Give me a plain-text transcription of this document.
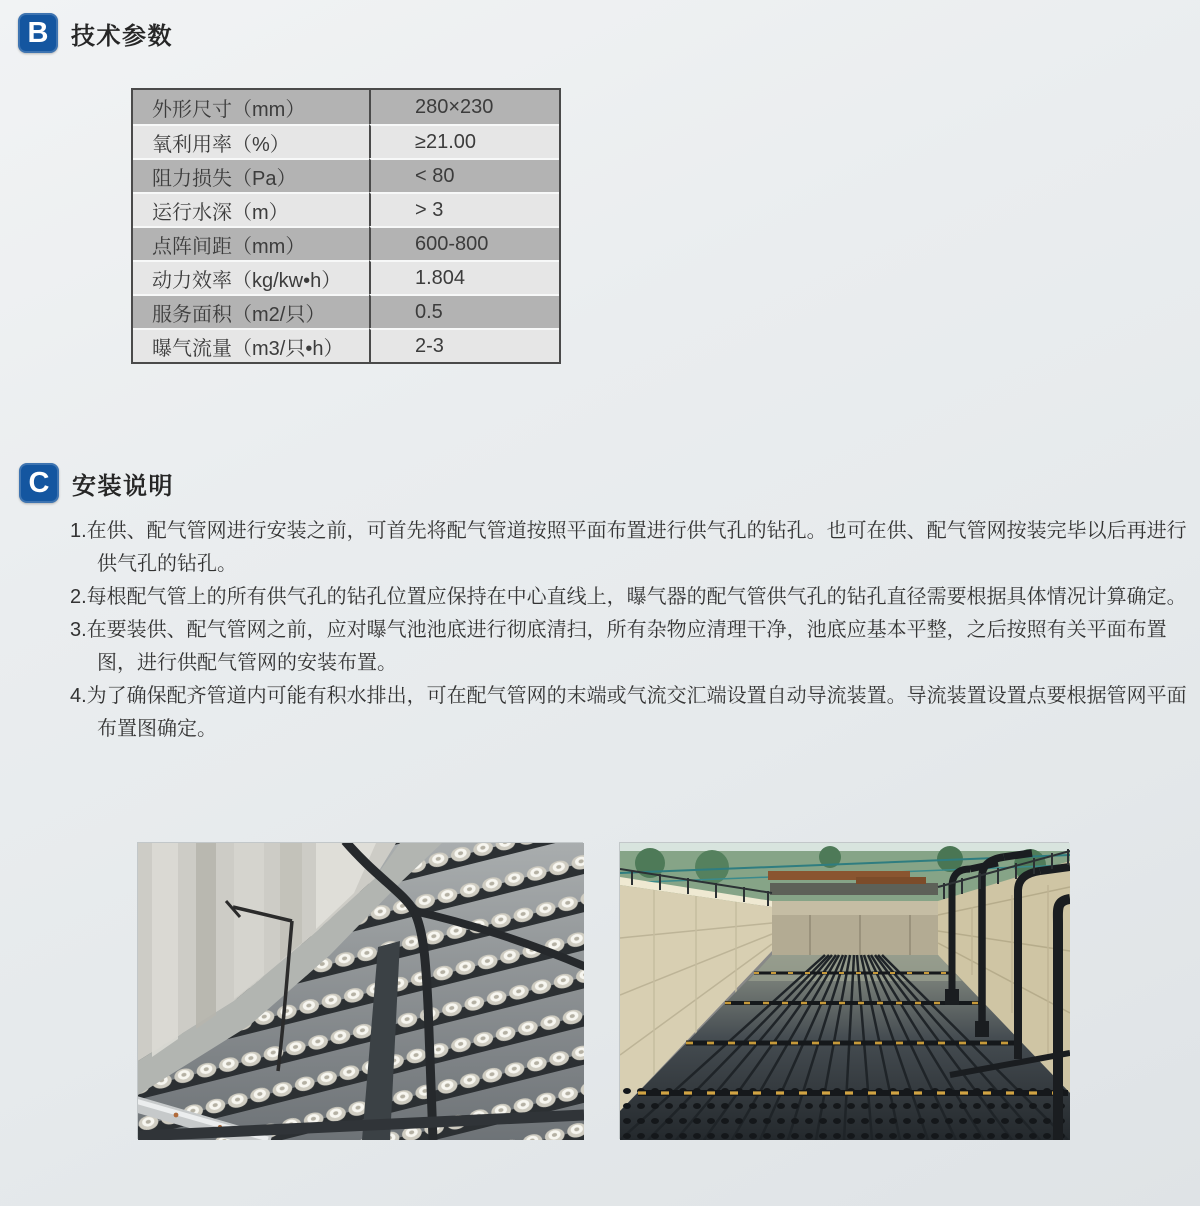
B 技术参数
外形尺寸（mm）	280×230
氧利用率（%）	≥21.00
阻力损失（Pa）	< 80
运行水深（m）	> 3
点阵间距（mm）	600-800
动力效率（kg/kw•h）	1.804
服务面积（m2/只）	0.5
曝气流量（m3/只•h）	2-3
C 安装说明
1.在供、配气管网进行安装之前，可首先将配气管道按照平面布置进行供气孔的钻孔。也可在供、配气管网按装完毕以后再进行供气孔的钻孔。
2.每根配气管上的所有供气孔的钻孔位置应保持在中心直线上，曝气器的配气管供气孔的钻孔直径需要根据具体情况计算确定。
3.在要装供、配气管网之前，应对曝气池池底进行彻底清扫，所有杂物应清理干净，池底应基本平整，之后按照有关平面布置图，进行供配气管网的安装布置。
4.为了确保配齐管道内可能有积水排出，可在配气管网的末端或气流交汇端设置自动导流装置。导流装置设置点要根据管网平面布置图确定。
